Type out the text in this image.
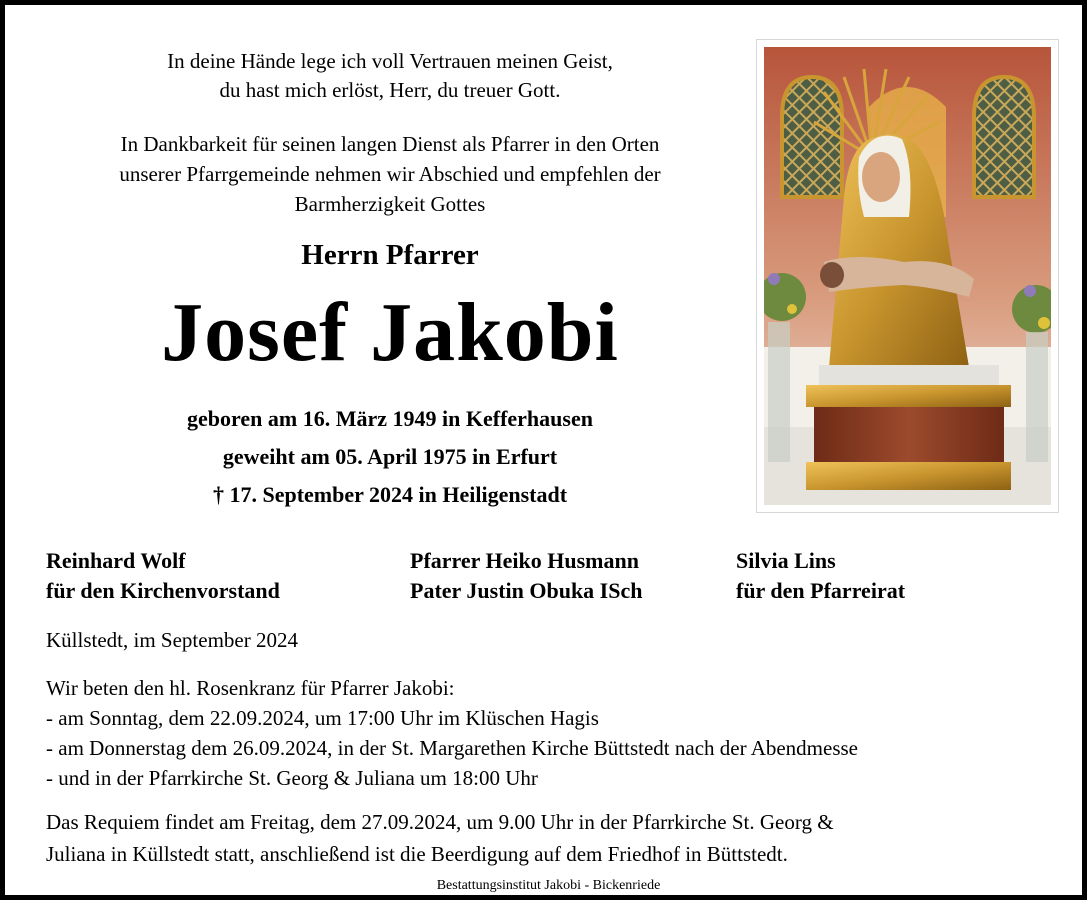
In deine Hände lege ich voll Vertrauen meinen Geist,
du hast mich erlöst, Herr, du treuer Gott.

In Dankbarkeit für seinen langen Dienst als Pfarrer in den Orten
unserer Pfarrgemeinde nehmen wir Abschied und empfehlen der
Barmherzigkeit Gottes

Herrn Pfarrer
Josef Jakobi
geboren am 16. März 1949 in Kefferhausen
geweiht am 05. April 1975 in Erfurt
† 17. September 2024 in Heiligenstadt
Reinhard Wolf
für den Kirchenvorstand
Pfarrer Heiko Husmann
Pater Justin Obuka ISch
Silvia Lins
für den Pfarreirat
Küllstedt, im September 2024
Wir beten den hl. Rosenkranz für Pfarrer Jakobi:
- am Sonntag, dem 22.09.2024, um 17:00 Uhr im Klüschen Hagis
- am Donnerstag dem 26.09.2024, in der St. Margarethen Kirche Büttstedt nach der Abendmesse
- und in der Pfarrkirche St. Georg & Juliana um 18:00 Uhr
Das Requiem findet am Freitag, dem 27.09.2024, um 9.00 Uhr in der Pfarrkirche St. Georg &
Juliana in Küllstedt statt, anschließend ist die Beerdigung auf dem Friedhof in Büttstedt.
Bestattungsinstitut Jakobi - Bickenriede
